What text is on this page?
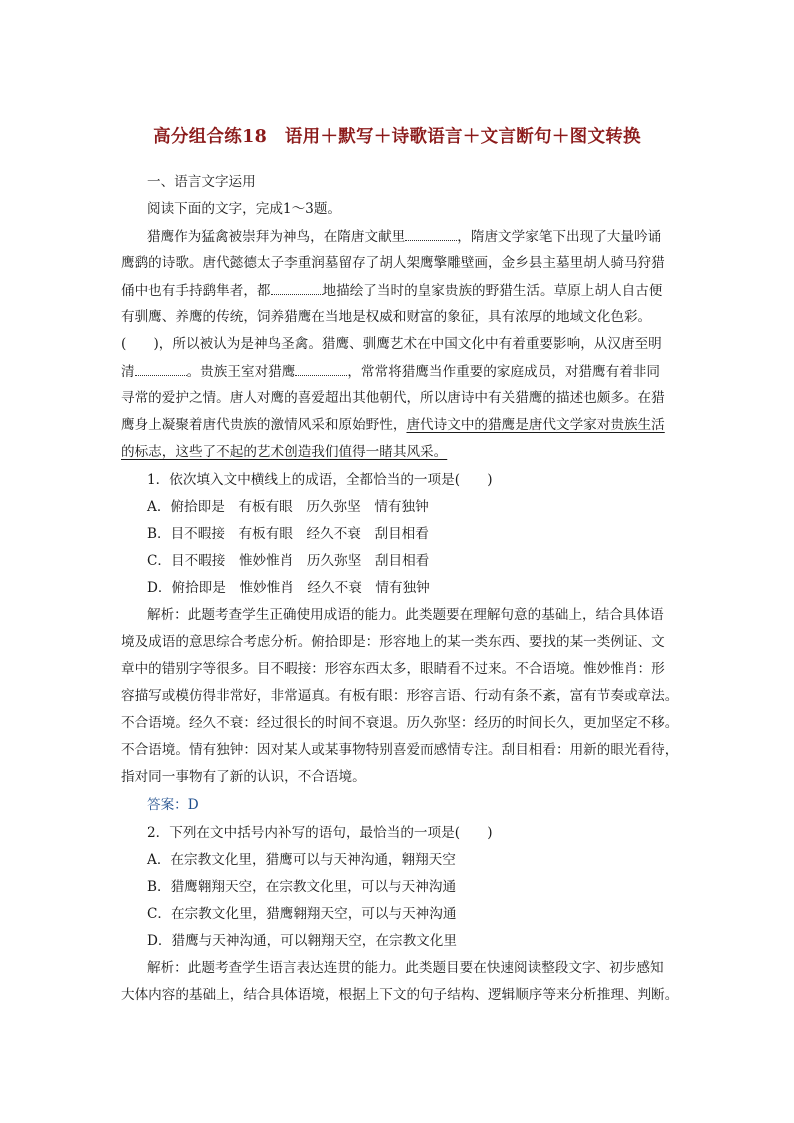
高分组合练18　语用＋默写＋诗歌语言＋文言断句＋图文转换
一、语言文字运用
阅读下面的文字，完成1～3题。
猎鹰作为猛禽被崇拜为神鸟，在隋唐文献里	，隋唐文学家笔下出现了大量吟诵
鹰鹞的诗歌。唐代懿德太子李重润墓留存了胡人架鹰擎雕壁画，金乡县主墓里胡人骑马狩猎
俑中也有手持鹞隼者，都	地描绘了当时的皇家贵族的野猎生活。草原上胡人自古便
有驯鹰、养鹰的传统，饲养猎鹰在当地是权威和财富的象征，具有浓厚的地域文化色彩。
(　　)，所以被认为是神鸟圣禽。猎鹰、驯鹰艺术在中国文化中有着重要影响，从汉唐至明
清	。贵族王室对猎鹰	，常常将猎鹰当作重要的家庭成员，对猎鹰有着非同
寻常的爱护之情。唐人对鹰的喜爱超出其他朝代，所以唐诗中有关猎鹰的描述也颇多。在猎
鹰身上凝聚着唐代贵族的激情风采和原始野性，唐代诗文中的猎鹰是唐代文学家对贵族生活
的标志，这些了不起的艺术创造我们值得一睹其风采。
1．依次填入文中横线上的成语，全都恰当的一项是(　　)
A．俯拾即是　有板有眼　历久弥坚　情有独钟
B．目不暇接　有板有眼　经久不衰　刮目相看
C．目不暇接　惟妙惟肖　历久弥坚　刮目相看
D．俯拾即是　惟妙惟肖　经久不衰　情有独钟
解析：此题考查学生正确使用成语的能力。此类题要在理解句意的基础上，结合具体语
境及成语的意思综合考虑分析。俯拾即是：形容地上的某一类东西、要找的某一类例证、文
章中的错别字等很多。目不暇接：形容东西太多，眼睛看不过来。不合语境。惟妙惟肖：形
容描写或模仿得非常好，非常逼真。有板有眼：形容言语、行动有条不紊，富有节奏或章法。
不合语境。经久不衰：经过很长的时间不衰退。历久弥坚：经历的时间长久，更加坚定不移。
不合语境。情有独钟：因对某人或某事物特别喜爱而感情专注。刮目相看：用新的眼光看待，
指对同一事物有了新的认识，不合语境。
答案：D
2．下列在文中括号内补写的语句，最恰当的一项是(　　)
A．在宗教文化里，猎鹰可以与天神沟通，翱翔天空
B．猎鹰翱翔天空，在宗教文化里，可以与天神沟通
C．在宗教文化里，猎鹰翱翔天空，可以与天神沟通
D．猎鹰与天神沟通，可以翱翔天空，在宗教文化里
解析：此题考查学生语言表达连贯的能力。此类题目要在快速阅读整段文字、初步感知
大体内容的基础上，结合具体语境，根据上下文的句子结构、逻辑顺序等来分析推理、判断。
